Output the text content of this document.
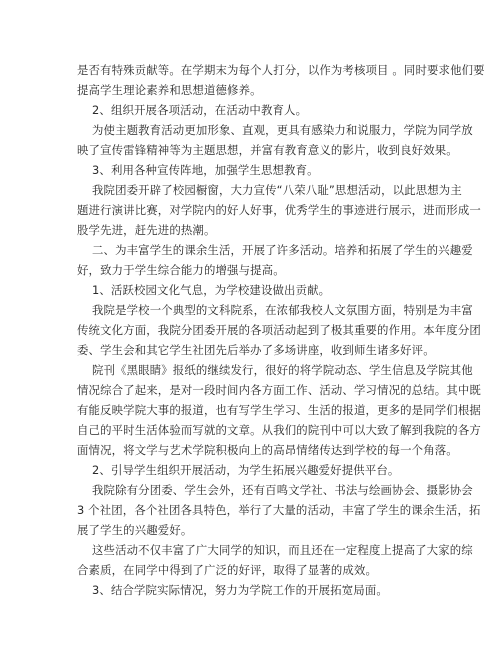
是否有特殊贡献等。在学期末为每个人打分，以作为考核项目 。同时要求他们要
提高学生理论素养和思想道德修养。
2、组织开展各项活动，在活动中教育人。
为使主题教育活动更加形象、直观，更具有感染力和说服力，学院为同学放
映了宣传雷锋精神等为主题思想，并富有教育意义的影片，收到良好效果。
3、利用各种宣传阵地，加强学生思想教育。
我院团委开辟了校园橱窗，大力宣传“八荣八耻”思想活动，以此思想为主
题进行演讲比赛，对学院内的好人好事，优秀学生的事迹进行展示，进而形成一
股学先进，赶先进的热潮。
二、为丰富学生的课余生活，开展了许多活动。培养和拓展了学生的兴趣爱
好，致力于学生综合能力的增强与提高。
1、活跃校园文化气息，为学校建设做出贡献。
我院是学校一个典型的文科院系，在浓郁我校人文氛围方面，特别是为丰富
传统文化方面，我院分团委开展的各项活动起到了极其重要的作用。本年度分团
委、学生会和其它学生社团先后举办了多场讲座，收到师生诸多好评。
院刊《黑眼睛》报纸的继续发行，很好的将学院动态、学生信息及学院其他
情况综合了起来，是对一段时间内各方面工作、活动、学习情况的总结。其中既
有能反映学院大事的报道，也有写学生学习、生活的报道，更多的是同学们根据
自己的平时生活体验而写就的文章。从我们的院刊中可以大致了解到我院的各方
面情况，将文学与艺术学院积极向上的高昂情绪传达到学校的每一个角落。
2、引导学生组织开展活动，为学生拓展兴趣爱好提供平台。
我院除有分团委、学生会外，还有百鸣文学社、书法与绘画协会、摄影协会
3 个社团，各个社团各具特色，举行了大量的活动，丰富了学生的课余生活，拓
展了学生的兴趣爱好。
这些活动不仅丰富了广大同学的知识，而且还在一定程度上提高了大家的综
合素质，在同学中得到了广泛的好评，取得了显著的成效。
3、结合学院实际情况，努力为学院工作的开展拓宽局面。
